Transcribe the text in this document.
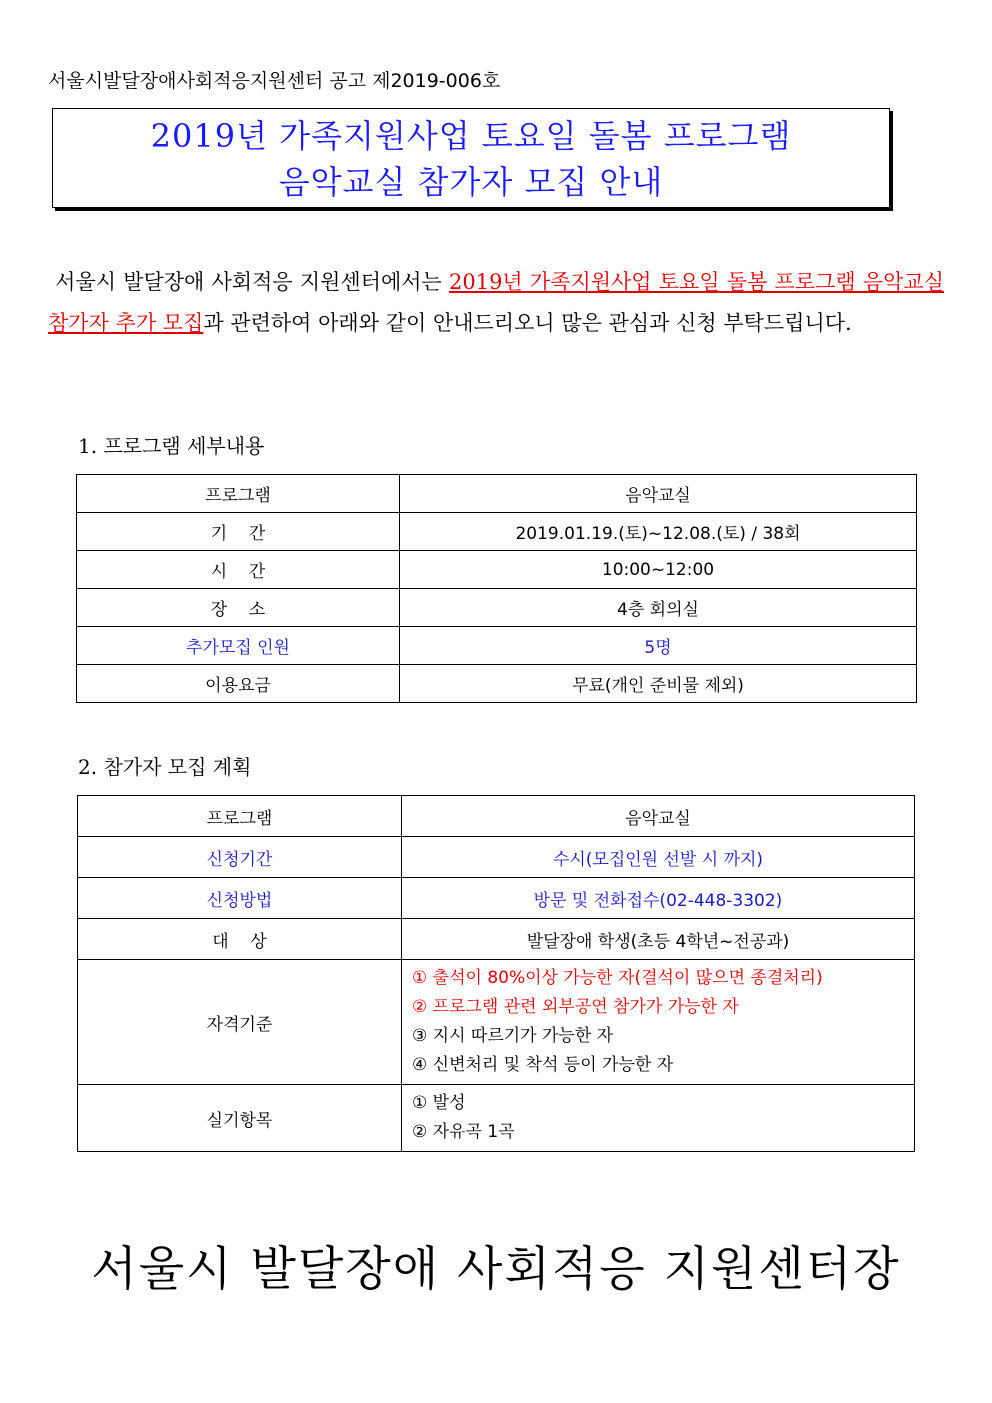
서울시발달장애사회적응지원센터 공고 제2019-006호
2019년 가족지원사업 토요일 돌봄 프로그램
음악교실 참가자 모집 안내
서울시 발달장애 사회적응 지원센터에서는 2019년 가족지원사업 토요일 돌봄 프로그램 음악교실 참가자 추가 모집과 관련하여 아래와 같이 안내드리오니 많은 관심과 신청 부탁드립니다.
1. 프로그램 세부내용
프로그램	음악교실
기    간	2019.01.19.(토)~12.08.(토) / 38회
시    간	10:00~12:00
장    소	4층 회의실
추가모집 인원	5명
이용요금	무료(개인 준비물 제외)
2. 참가자 모집 계획
프로그램	음악교실
신청기간	수시(모집인원 선발 시 까지)
신청방법	방문 및 전화접수(02-448-3302)
대    상	발달장애 학생(초등 4학년~전공과)
자격기준	① 출석이 80%이상 가능한 자(결석이 많으면 종결처리)
② 프로그램 관련 외부공연 참가가 가능한 자
③ 지시 따르기가 가능한 자
④ 신변처리 및 착석 등이 가능한 자

실기항목	① 발성
② 자유곡 1곡
서울시 발달장애 사회적응 지원센터장
